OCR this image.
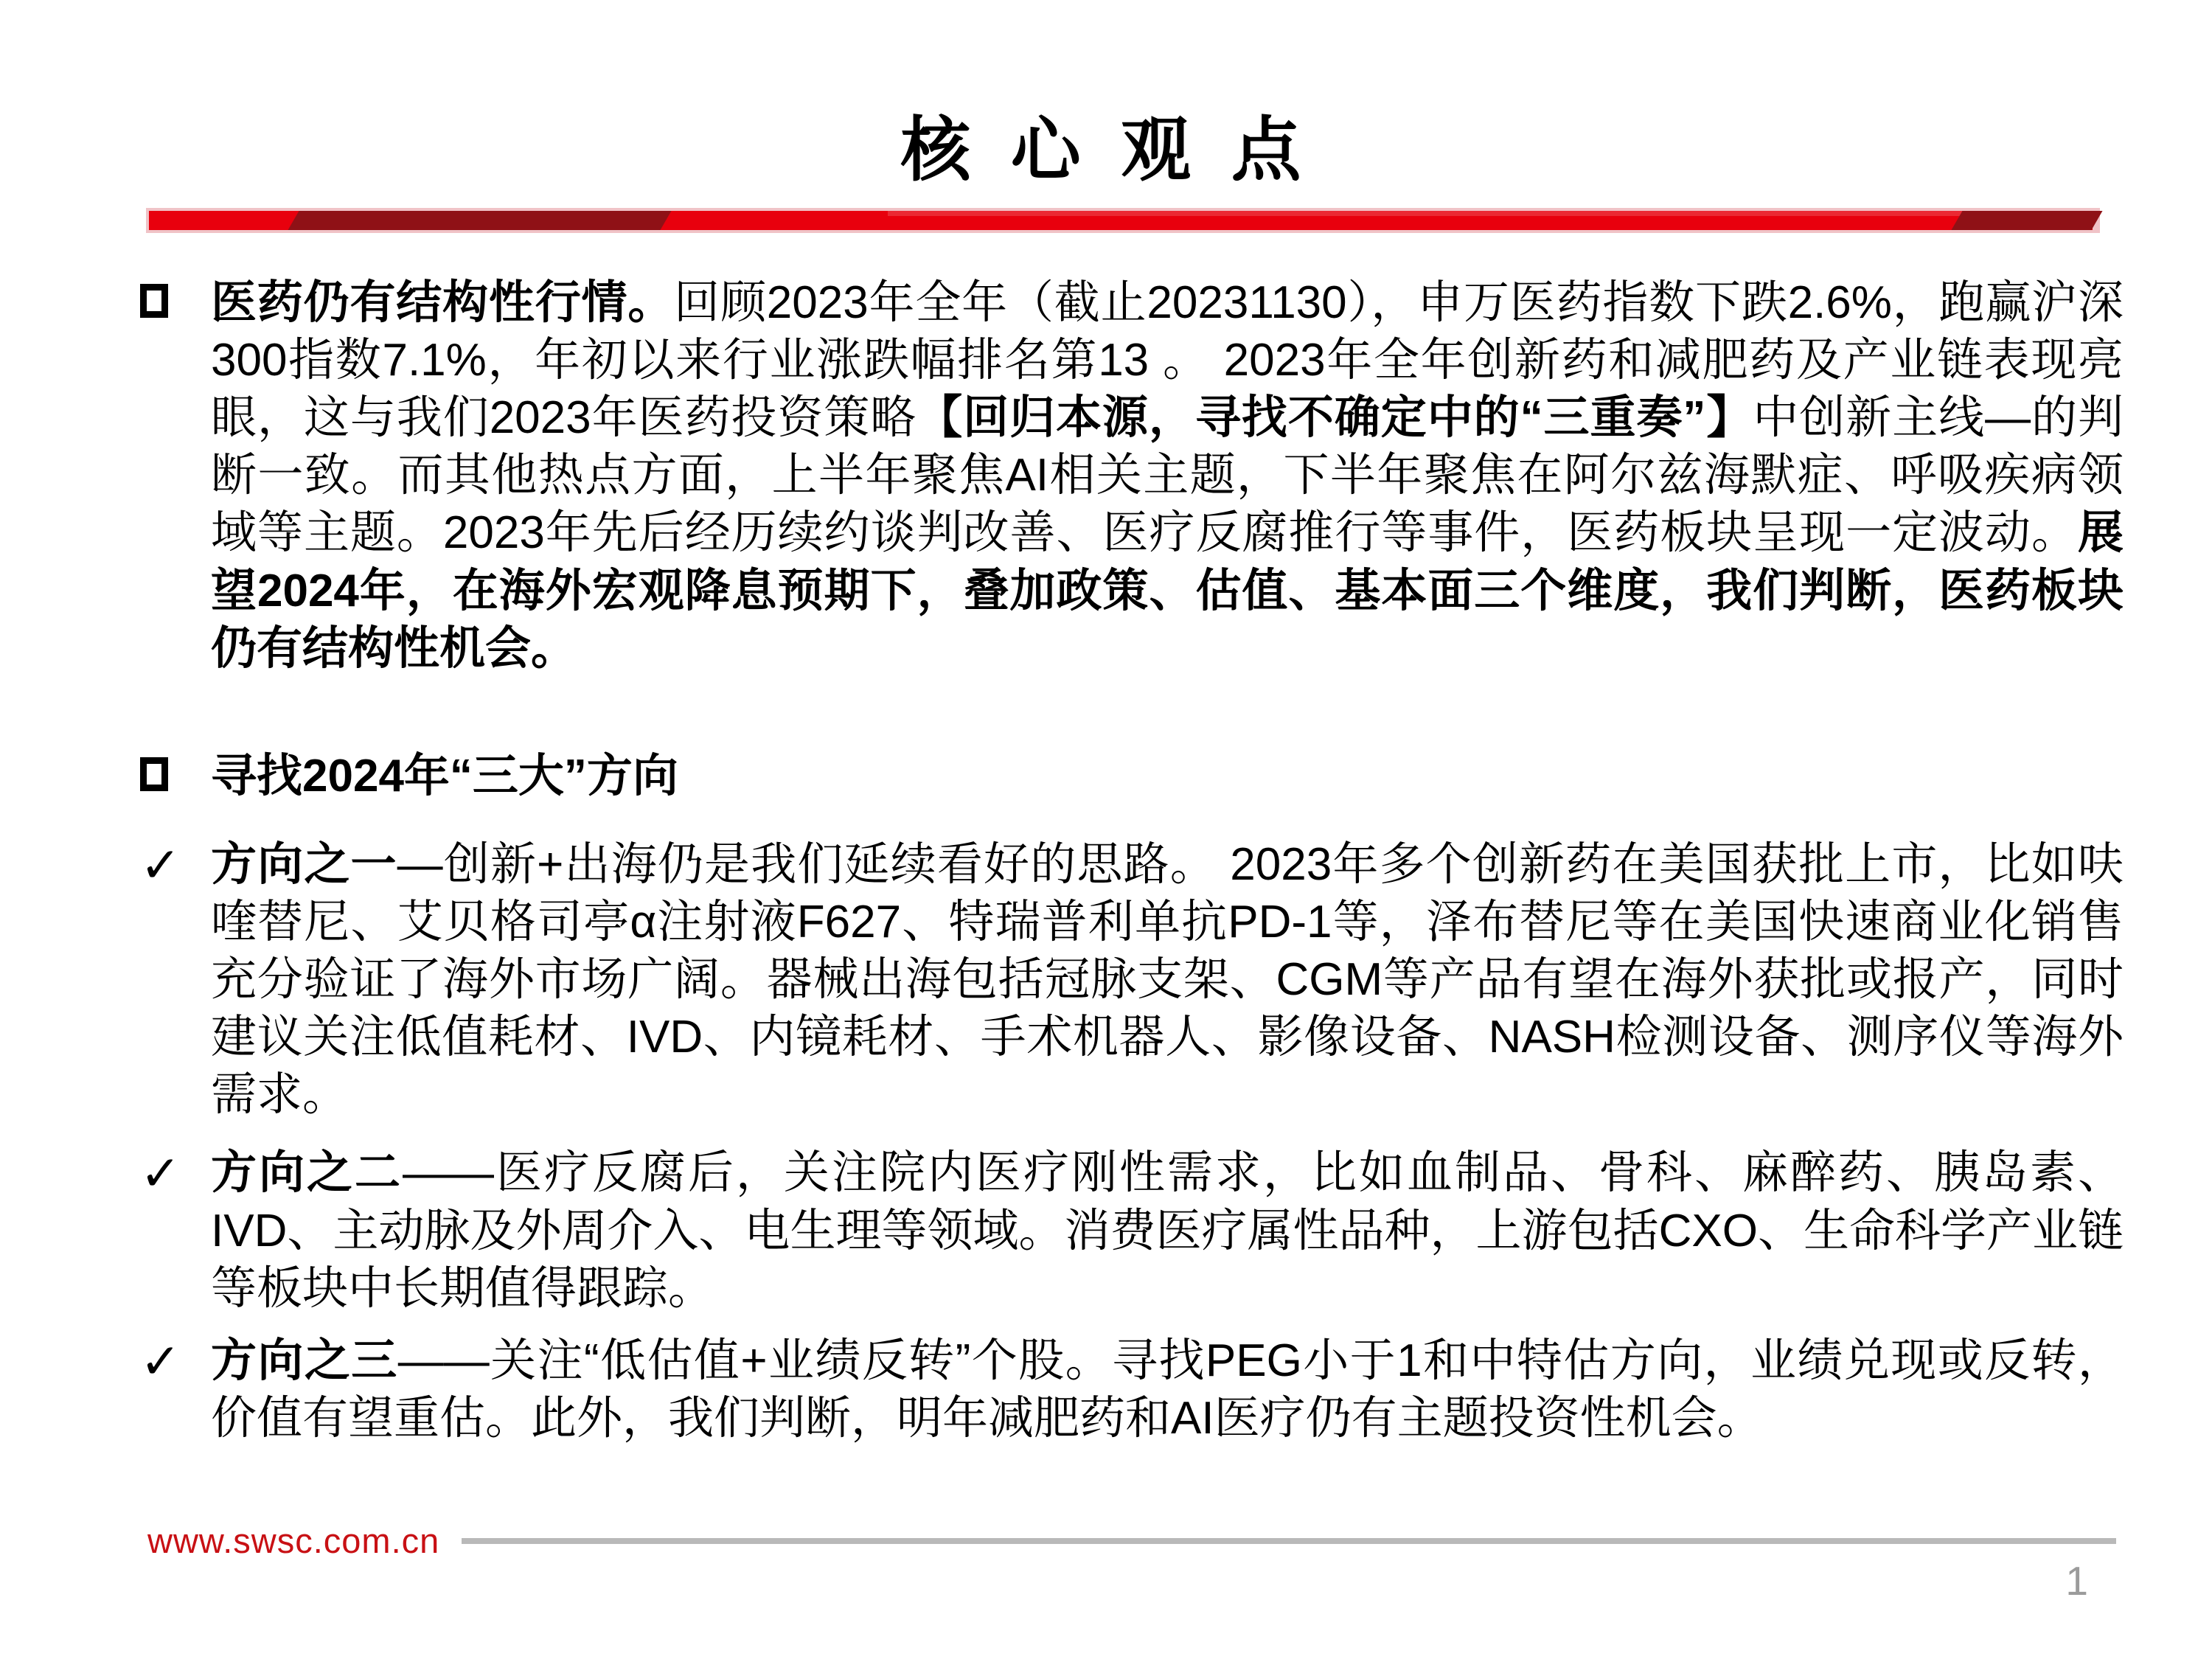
核 心 观 点
医药仍有结构性行情。回顾2023年全年（截止20231130），申万医药指数下跌2.6%，跑赢沪深300指数7.1%，年初以来行业涨跌幅排名第13 。 2023年全年创新药和减肥药及产业链表现亮眼，这与我们2023年医药投资策略【回归本源，寻找不确定中的“三重奏”】中创新主线—的判断一致。而其他热点方面，上半年聚焦AI相关主题，下半年聚焦在阿尔兹海默症、呼吸疾病领域等主题。2023年先后经历续约谈判改善、医疗反腐推行等事件，医药板块呈现一定波动。展望2024年，在海外宏观降息预期下，叠加政策、估值、基本面三个维度，我们判断，医药板块仍有结构性机会。
寻找2024年“三大”方向
✓ 方向之一—创新+出海仍是我们延续看好的思路。 2023年多个创新药在美国获批上市，比如呋喹替尼、艾贝格司亭α注射液F627、特瑞普利单抗PD-1等，泽布替尼等在美国快速商业化销售充分验证了海外市场广阔。器械出海包括冠脉支架、CGM等产品有望在海外获批或报产，同时建议关注低值耗材、IVD、内镜耗材、手术机器人、影像设备、NASH检测设备、测序仪等海外需求。
✓ 方向之二——医疗反腐后，关注院内医疗刚性需求，比如血制品、骨科、麻醉药、胰岛素、IVD、主动脉及外周介入、电生理等领域。消费医疗属性品种，上游包括CXO、生命科学产业链等板块中长期值得跟踪。
✓ 方向之三——关注“低估值+业绩反转”个股。寻找PEG小于1和中特估方向，业绩兑现或反转，价值有望重估。此外，我们判断，明年减肥药和AI医疗仍有主题投资性机会。
www.swsc.com.cn
1
